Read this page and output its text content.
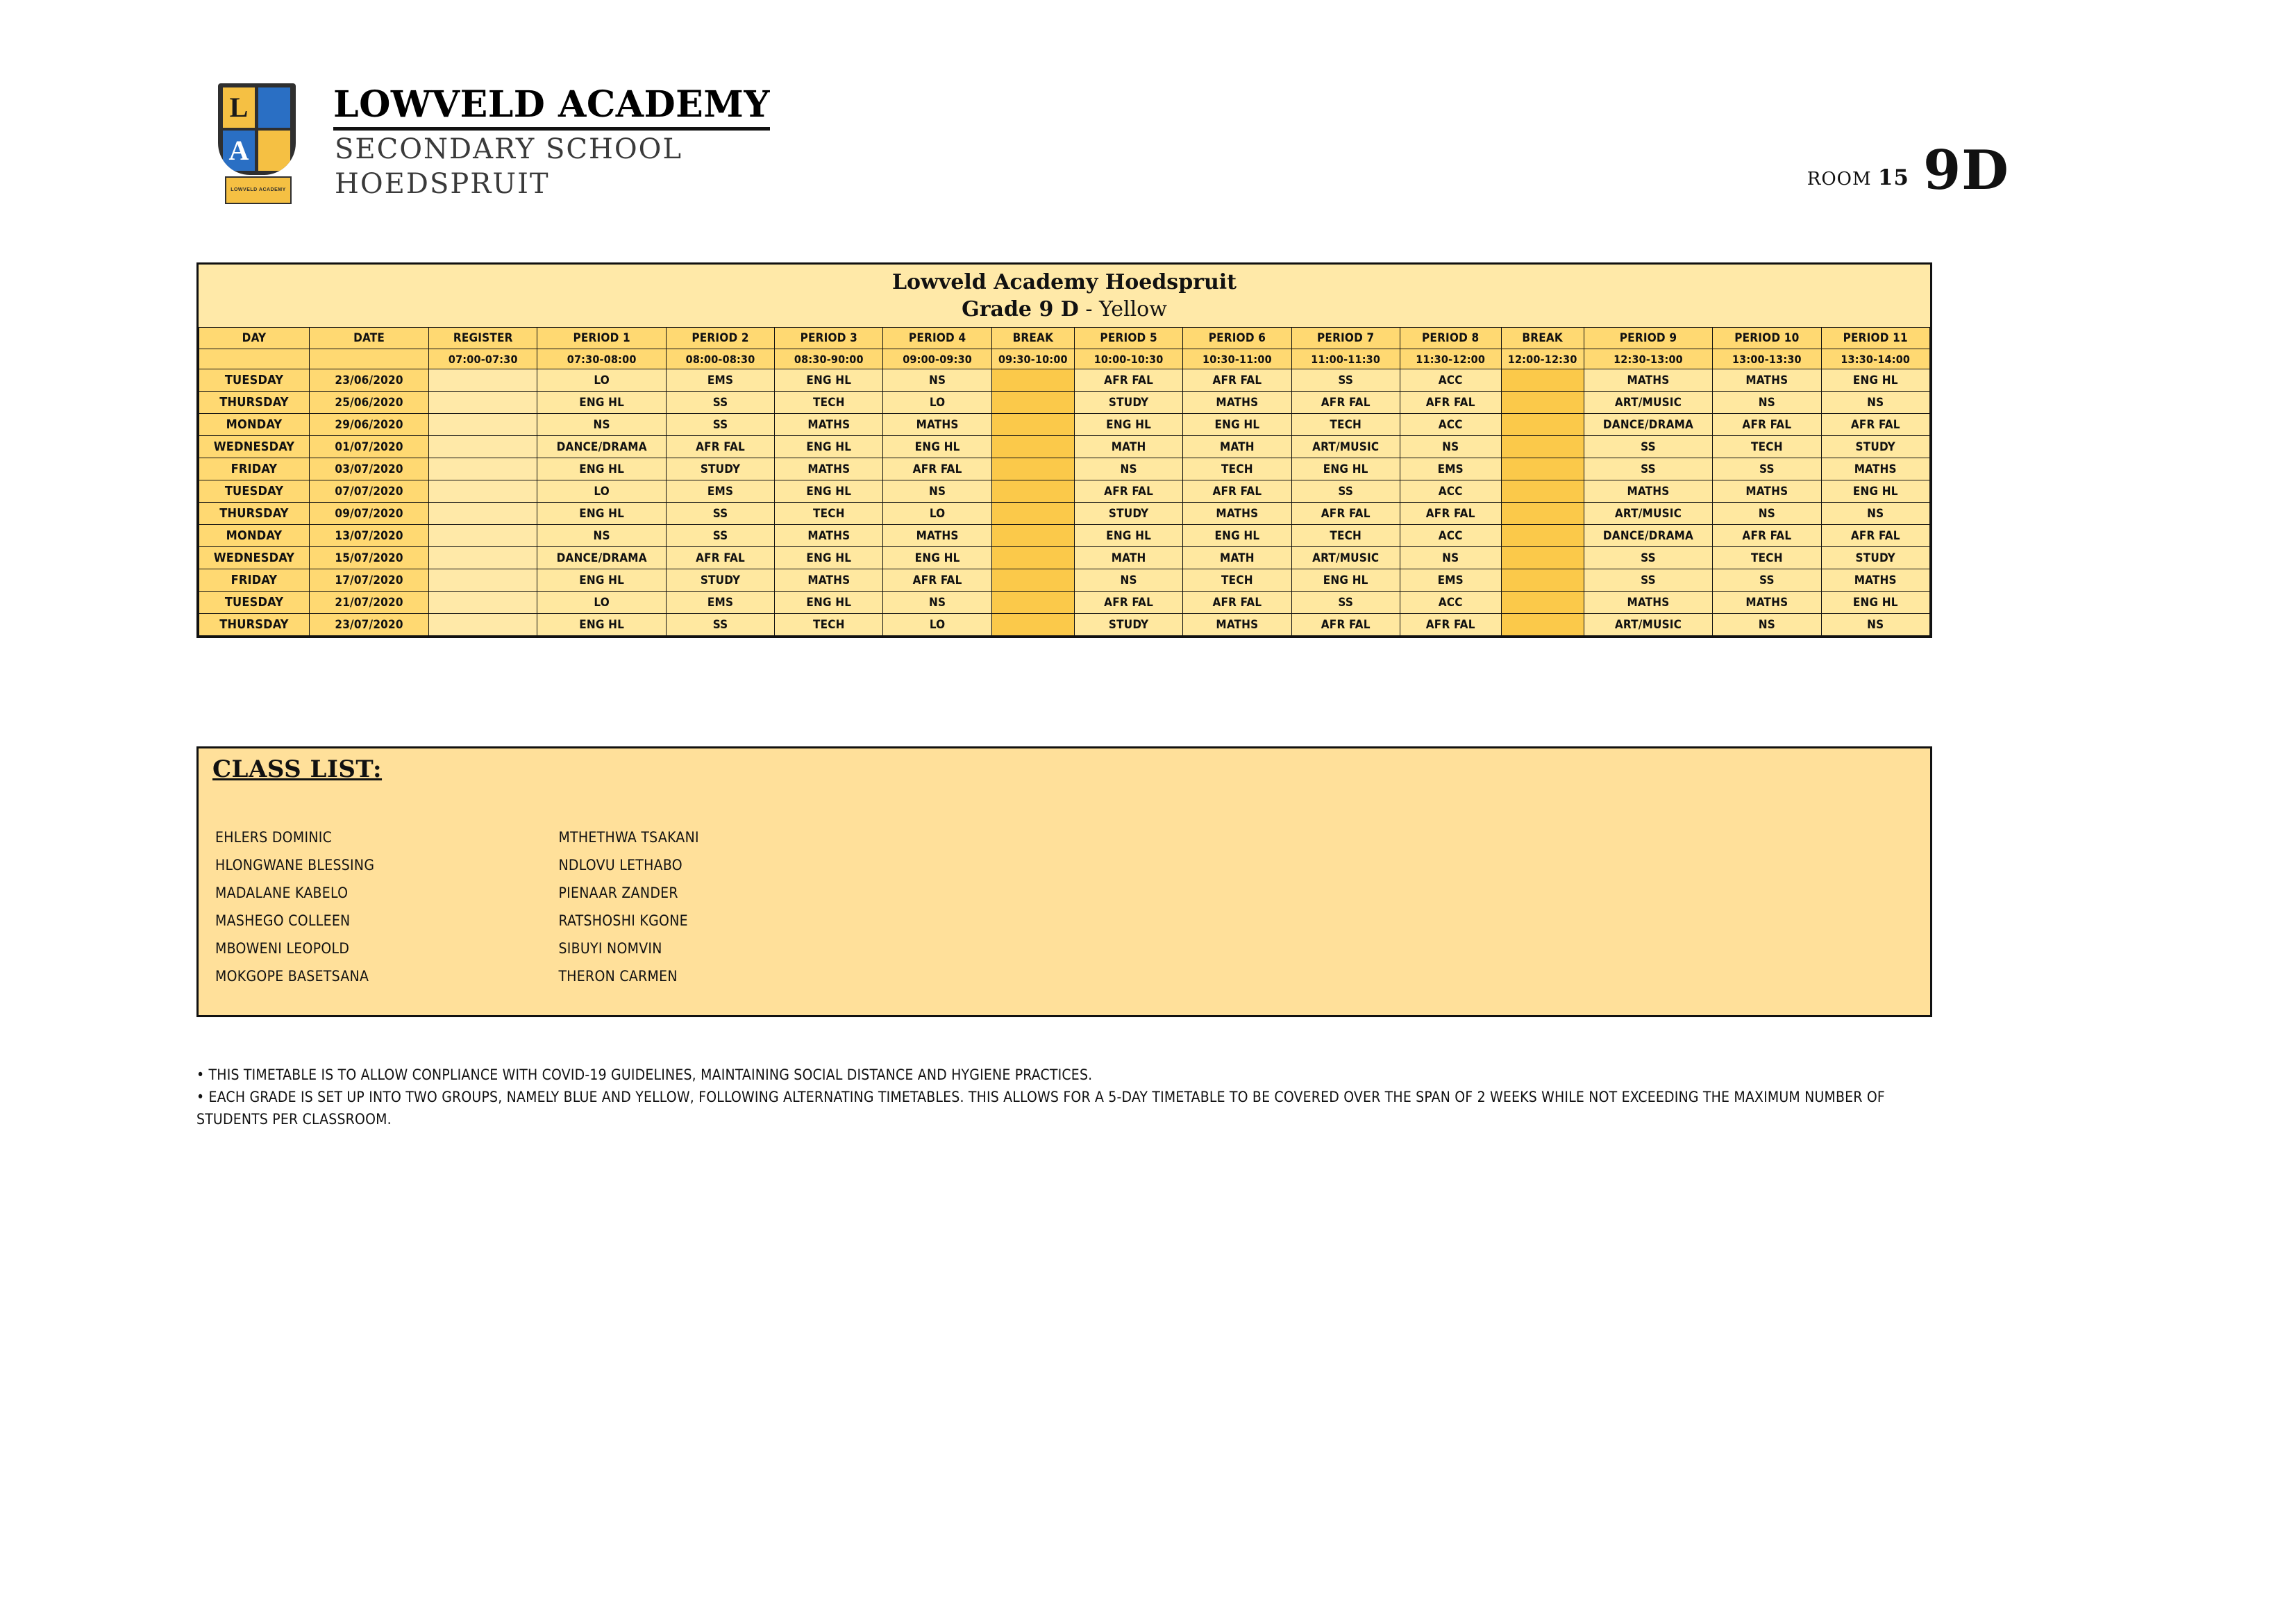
L
A
LOWVELD ACADEMY
LOWVELD ACADEMY
SECONDARY SCHOOL
HOEDSPRUIT	ROOM 15 9D
Lowveld Academy Hoedspruit
Grade 9 D - Yellow
DAY	DATE	REGISTER	PERIOD 1	PERIOD 2	PERIOD 3	PERIOD 4	BREAK	PERIOD 5	PERIOD 6	PERIOD 7	PERIOD 8	BREAK	PERIOD 9	PERIOD 10	PERIOD 11
		07:00-07:30	07:30-08:00	08:00-08:30	08:30-90:00	09:00-09:30	09:30-10:00	10:00-10:30	10:30-11:00	11:00-11:30	11:30-12:00	12:00-12:30	12:30-13:00	13:00-13:30	13:30-14:00
TUESDAY	23/06/2020		LO	EMS	ENG HL	NS		AFR FAL	AFR FAL	SS	ACC		MATHS	MATHS	ENG HL
THURSDAY	25/06/2020		ENG HL	SS	TECH	LO		STUDY	MATHS	AFR FAL	AFR FAL		ART/MUSIC	NS	NS
MONDAY	29/06/2020		NS	SS	MATHS	MATHS		ENG HL	ENG HL	TECH	ACC		DANCE/DRAMA	AFR FAL	AFR FAL
WEDNESDAY	01/07/2020		DANCE/DRAMA	AFR FAL	ENG HL	ENG HL		MATH	MATH	ART/MUSIC	NS		SS	TECH	STUDY
FRIDAY	03/07/2020		ENG HL	STUDY	MATHS	AFR FAL		NS	TECH	ENG HL	EMS		SS	SS	MATHS
TUESDAY	07/07/2020		LO	EMS	ENG HL	NS		AFR FAL	AFR FAL	SS	ACC		MATHS	MATHS	ENG HL
THURSDAY	09/07/2020		ENG HL	SS	TECH	LO		STUDY	MATHS	AFR FAL	AFR FAL		ART/MUSIC	NS	NS
MONDAY	13/07/2020		NS	SS	MATHS	MATHS		ENG HL	ENG HL	TECH	ACC		DANCE/DRAMA	AFR FAL	AFR FAL
WEDNESDAY	15/07/2020		DANCE/DRAMA	AFR FAL	ENG HL	ENG HL		MATH	MATH	ART/MUSIC	NS		SS	TECH	STUDY
FRIDAY	17/07/2020		ENG HL	STUDY	MATHS	AFR FAL		NS	TECH	ENG HL	EMS		SS	SS	MATHS
TUESDAY	21/07/2020		LO	EMS	ENG HL	NS		AFR FAL	AFR FAL	SS	ACC		MATHS	MATHS	ENG HL
THURSDAY	23/07/2020		ENG HL	SS	TECH	LO		STUDY	MATHS	AFR FAL	AFR FAL		ART/MUSIC	NS	NS
CLASS LIST:
EHLERS DOMINIC
HLONGWANE BLESSING
MADALANE KABELO
MASHEGO COLLEEN
MBOWENI LEOPOLD
MOKGOPE BASETSANA

MTHETHWA TSAKANI
NDLOVU LETHABO
PIENAAR ZANDER
RATSHOSHI KGONE
SIBUYI NOMVIN
THERON CARMEN
• THIS TIMETABLE IS TO ALLOW CONPLIANCE WITH COVID-19 GUIDELINES, MAINTAINING SOCIAL DISTANCE AND HYGIENE PRACTICES.
• EACH GRADE IS SET UP INTO TWO GROUPS, NAMELY BLUE AND YELLOW, FOLLOWING ALTERNATING TIMETABLES. THIS ALLOWS FOR A 5-DAY TIMETABLE TO BE COVERED OVER THE SPAN OF 2 WEEKS WHILE NOT EXCEEDING THE MAXIMUM NUMBER OF STUDENTS PER CLASSROOM.
